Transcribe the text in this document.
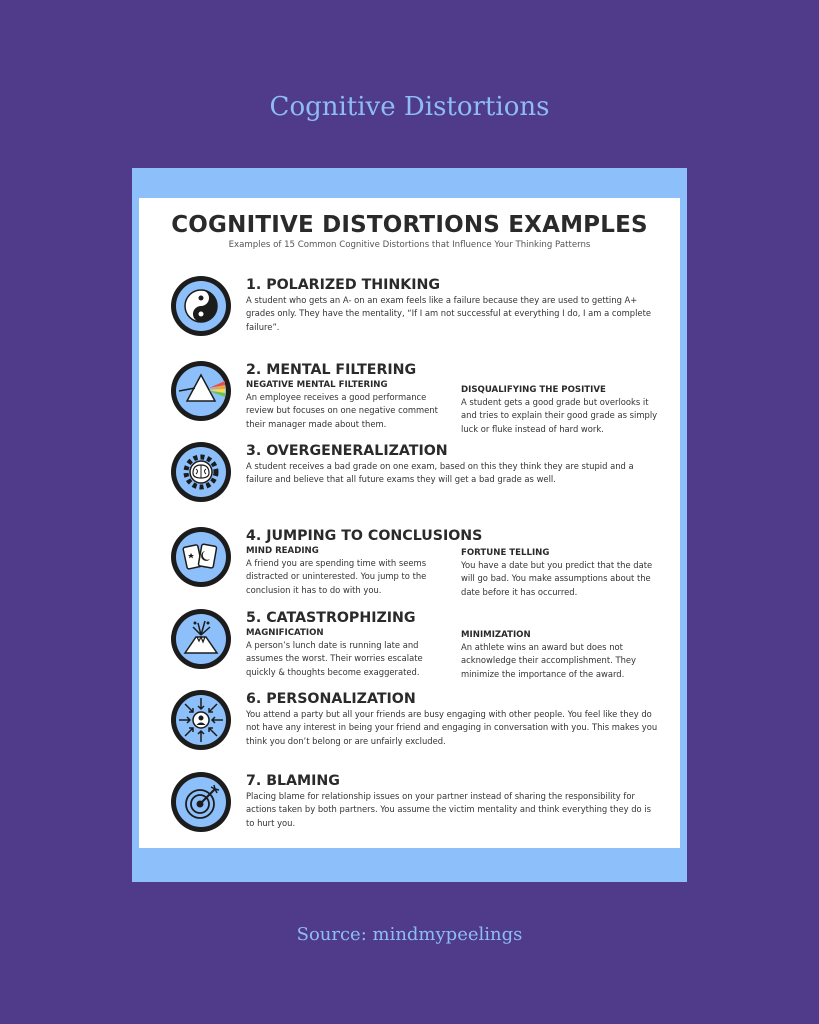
Cognitive Distortions
COGNITIVE DISTORTIONS EXAMPLES
Examples of 15 Common Cognitive Distortions that Influence Your Thinking Patterns
1. POLARIZED THINKING
A student who gets an A- on an exam feels like a failure because they are used to getting A+ grades only. They have the mentality, “If I am not successful at everything I do, I am a complete failure”.
2. MENTAL FILTERING
NEGATIVE MENTAL FILTERING
An employee receives a good performance review but focuses on one negative comment their manager made about them.
DISQUALIFYING THE POSITIVE
A student gets a good grade but overlooks it and tries to explain their good grade as simply luck or fluke instead of hard work.
3. OVERGENERALIZATION
A student receives a bad grade on one exam, based on this they think they are stupid and a failure and believe that all future exams they will get a bad grade as well.
4. JUMPING TO CONCLUSIONS
MIND READING
A friend you are spending time with seems distracted or uninterested. You jump to the conclusion it has to do with you.
FORTUNE TELLING
You have a date but you predict that the date will go bad. You make assumptions about the date before it has occurred.
5. CATASTROPHIZING
MAGNIFICATION
A person’s lunch date is running late and assumes the worst. Their worries escalate quickly & thoughts become exaggerated.
MINIMIZATION
An athlete wins an award but does not acknowledge their accomplishment. They minimize the importance of the award.
6. PERSONALIZATION
You attend a party but all your friends are busy engaging with other people. You feel like they do not have any interest in being your friend and engaging in conversation with you. This makes you think you don’t belong or are unfairly excluded.
7. BLAMING
Placing blame for relationship issues on your partner instead of sharing the responsibility for actions taken by both partners. You assume the victim mentality and think everything they do is to hurt you.
Source: mindmypeelings
